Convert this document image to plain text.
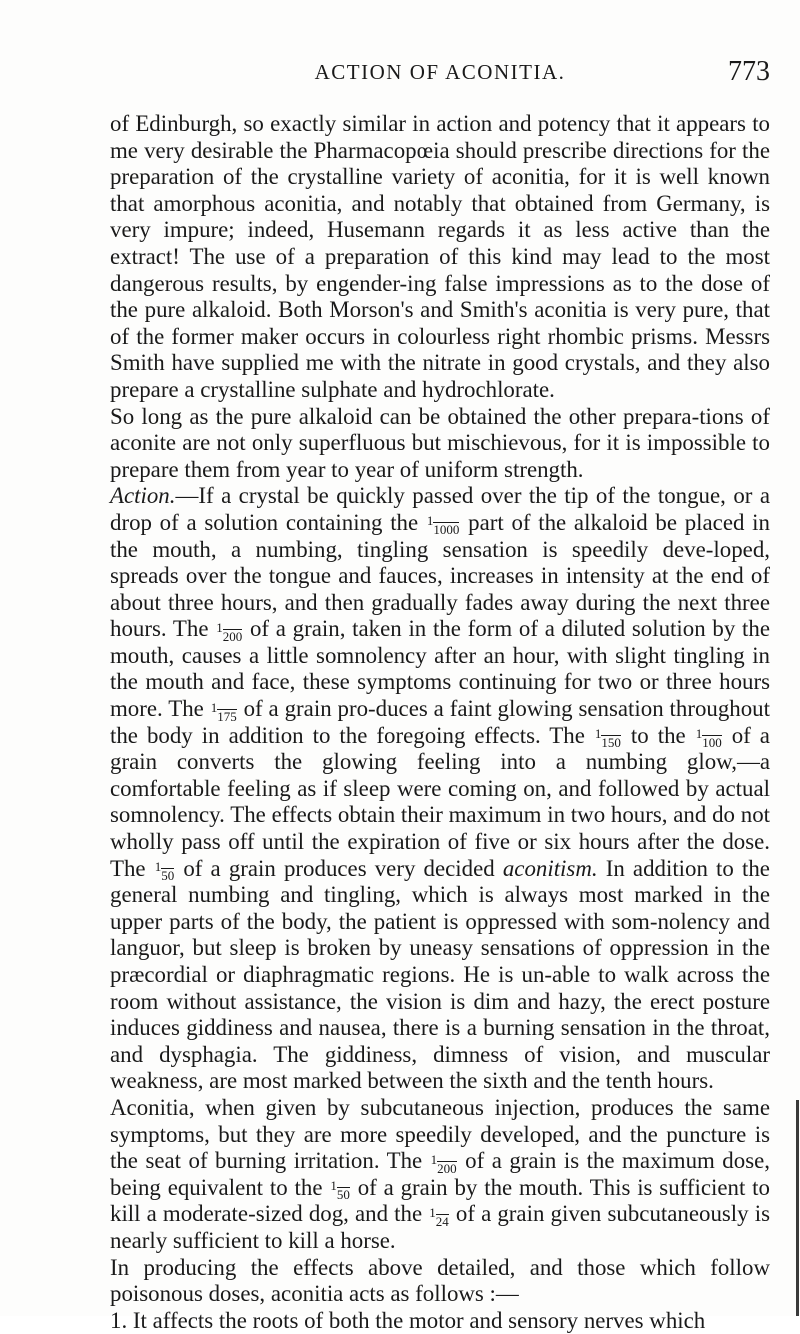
ACTION OF ACONITIA.	773

of Edinburgh, so exactly similar in action and potency that it appears to me very desirable the Pharmacopœia should prescribe directions for the preparation of the crystalline variety of aconitia, for it is well known that amorphous aconitia, and notably that obtained from Germany, is very impure; indeed, Husemann regards it as less active than the extract! The use of a preparation of this kind may lead to the most dangerous results, by engender-ing false impressions as to the dose of the pure alkaloid. Both Morson's and Smith's aconitia is very pure, that of the former maker occurs in colourless right rhombic prisms. Messrs Smith have supplied me with the nitrate in good crystals, and they also prepare a crystalline sulphate and hydrochlorate.

So long as the pure alkaloid can be obtained the other prepara-tions of aconite are not only superfluous but mischievous, for it is impossible to prepare them from year to year of uniform strength.

Action.—If a crystal be quickly passed over the tip of the tongue, or a drop of a solution containing the 11000 part of the alkaloid be placed in the mouth, a numbing, tingling sensation is speedily deve-loped, spreads over the tongue and fauces, increases in intensity at the end of about three hours, and then gradually fades away during the next three hours. The 1200 of a grain, taken in the form of a diluted solution by the mouth, causes a little somnolency after an hour, with slight tingling in the mouth and face, these symptoms continuing for two or three hours more. The 1175 of a grain pro-duces a faint glowing sensation throughout the body in addition to the foregoing effects. The 1150 to the 1100 of a grain converts the glowing feeling into a numbing glow,—a comfortable feeling as if sleep were coming on, and followed by actual somnolency. The effects obtain their maximum in two hours, and do not wholly pass off until the expiration of five or six hours after the dose. The 150 of a grain produces very decided aconitism. In addition to the general numbing and tingling, which is always most marked in the upper parts of the body, the patient is oppressed with som-nolency and languor, but sleep is broken by uneasy sensations of oppression in the præcordial or diaphragmatic regions. He is un-able to walk across the room without assistance, the vision is dim and hazy, the erect posture induces giddiness and nausea, there is a burning sensation in the throat, and dysphagia. The giddiness, dimness of vision, and muscular weakness, are most marked between the sixth and the tenth hours.

Aconitia, when given by subcutaneous injection, produces the same symptoms, but they are more speedily developed, and the puncture is the seat of burning irritation. The 1200 of a grain is the maximum dose, being equivalent to the 150 of a grain by the mouth. This is sufficient to kill a moderate-sized dog, and the 124 of a grain given subcutaneously is nearly sufficient to kill a horse.

In producing the effects above detailed, and those which follow poisonous doses, aconitia acts as follows :—

1. It affects the roots of both the motor and sensory nerves which
